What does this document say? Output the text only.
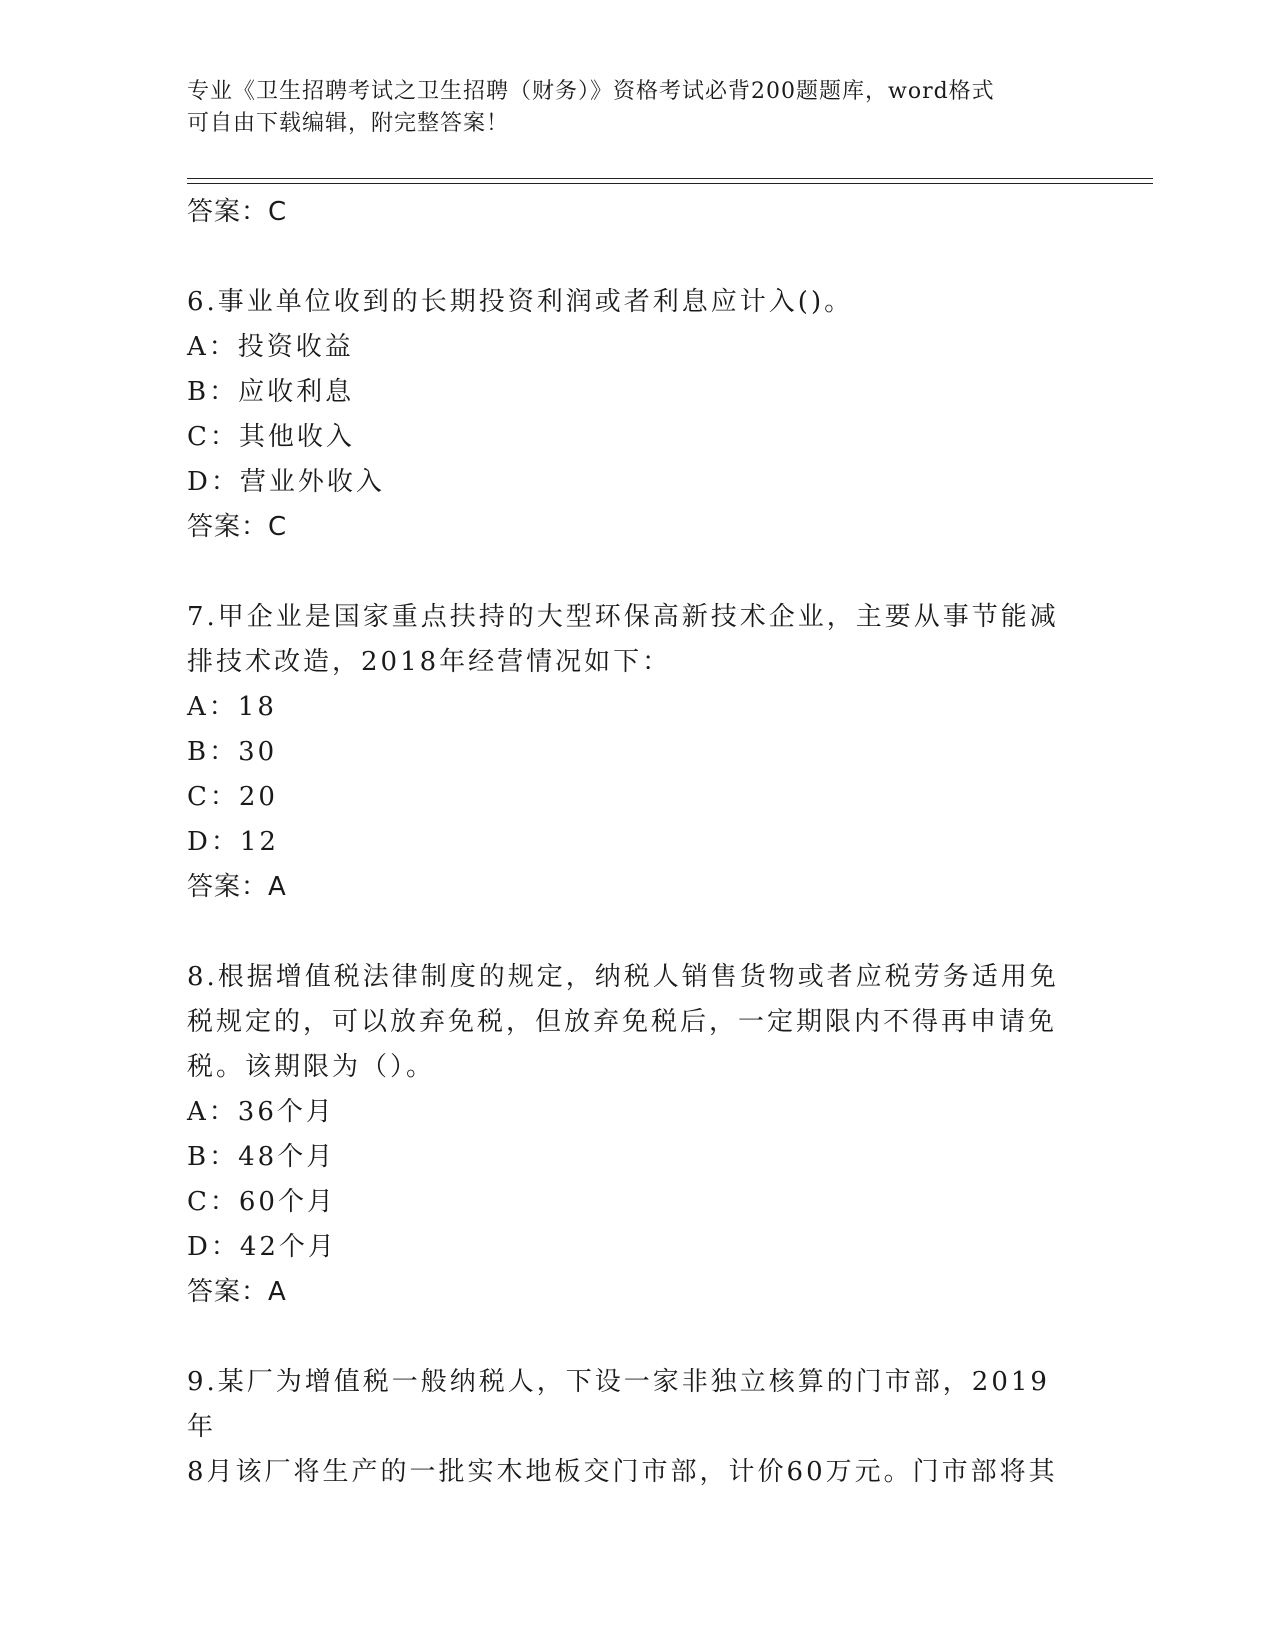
专业《卫生招聘考试之卫生招聘（财务）》资格考试必背200题题库，word格式
可自由下载编辑，附完整答案！

答案：C

6.事业单位收到的长期投资利润或者利息应计入()。

A：投资收益

B：应收利息

C：其他收入

D：营业外收入

答案：C

7.甲企业是国家重点扶持的大型环保高新技术企业，主要从事节能减

排技术改造，2018年经营情况如下：

A：18

B：30

C：20

D：12

答案：A

8.根据增值税法律制度的规定，纳税人销售货物或者应税劳务适用免

税规定的，可以放弃免税，但放弃免税后，一定期限内不得再申请免

税。该期限为（）。

A：36个月

B：48个月

C：60个月

D：42个月

答案：A

9.某厂为增值税一般纳税人，下设一家非独立核算的门市部，2019年

8月该厂将生产的一批实木地板交门市部，计价60万元。门市部将其
